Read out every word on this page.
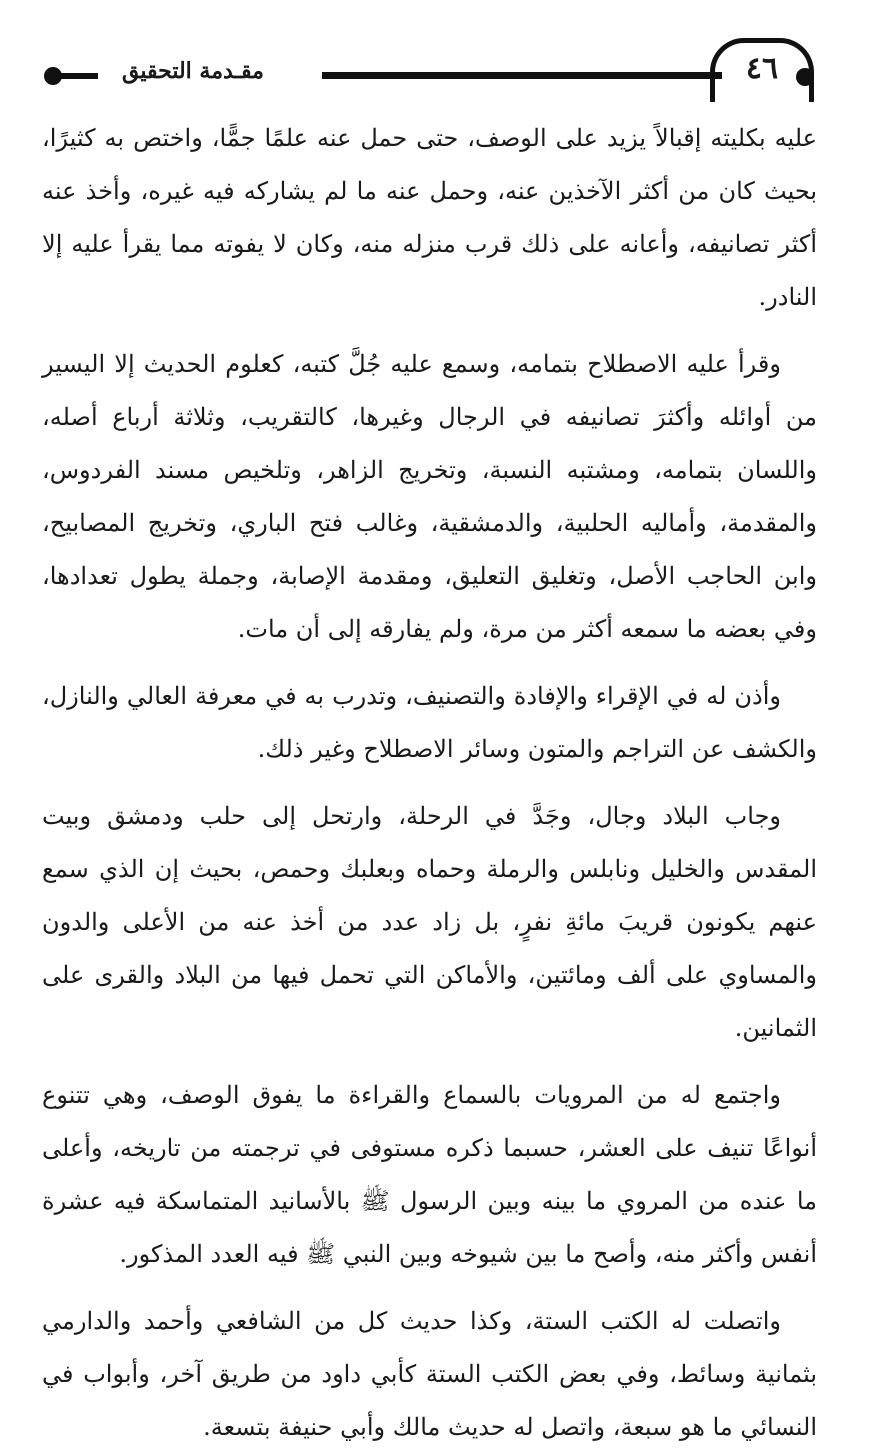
مقـدمة التحقيق	٤٦

عليه بكليته إقبالاً يزيد على الوصف، حتى حمل عنه علمًا جمًّا، واختص به كثيرًا، بحيث كان من أكثر الآخذين عنه، وحمل عنه ما لم يشاركه فيه غيره، وأخذ عنه أكثر تصانيفه، وأعانه على ذلك قرب منزله منه، وكان لا يفوته مما يقرأ عليه إلا النادر.

وقرأ عليه الاصطلاح بتمامه، وسمع عليه جُلَّ كتبه، كعلوم الحديث إلا اليسير من أوائله وأكثرَ تصانيفه في الرجال وغيرها، كالتقريب، وثلاثة أرباع أصله، واللسان بتمامه، ومشتبه النسبة، وتخريج الزاهر، وتلخيص مسند الفردوس، والمقدمة، وأماليه الحلبية، والدمشقية، وغالب فتح الباري، وتخريج المصابيح، وابن الحاجب الأصل، وتغليق التعليق، ومقدمة الإصابة، وجملة يطول تعدادها، وفي بعضه ما سمعه أكثر من مرة، ولم يفارقه إلى أن مات.

وأذن له في الإقراء والإفادة والتصنيف، وتدرب به في معرفة العالي والنازل، والكشف عن التراجم والمتون وسائر الاصطلاح وغير ذلك.

وجاب البلاد وجال، وجَدَّ في الرحلة، وارتحل إلى حلب ودمشق وبيت المقدس والخليل ونابلس والرملة وحماه وبعلبك وحمص، بحيث إن الذي سمع عنهم يكونون قريبَ مائةِ نفرٍ، بل زاد عدد من أخذ عنه من الأعلى والدون والمساوي على ألف ومائتين، والأماكن التي تحمل فيها من البلاد والقرى على الثمانين.

واجتمع له من المرويات بالسماع والقراءة ما يفوق الوصف، وهي تتنوع أنواعًا تنيف على العشر، حسبما ذكره مستوفى في ترجمته من تاريخه، وأعلى ما عنده من المروي ما بينه وبين الرسول ﷺ بالأسانيد المتماسكة فيه عشرة أنفس وأكثر منه، وأصح ما بين شيوخه وبين النبي ﷺ فيه العدد المذكور.

واتصلت له الكتب الستة، وكذا حديث كل من الشافعي وأحمد والدارمي بثمانية وسائط، وفي بعض الكتب الستة كأبي داود من طريق آخر، وأبواب في النسائي ما هو سبعة، واتصل له حديث مالك وأبي حنيفة بتسعة.
